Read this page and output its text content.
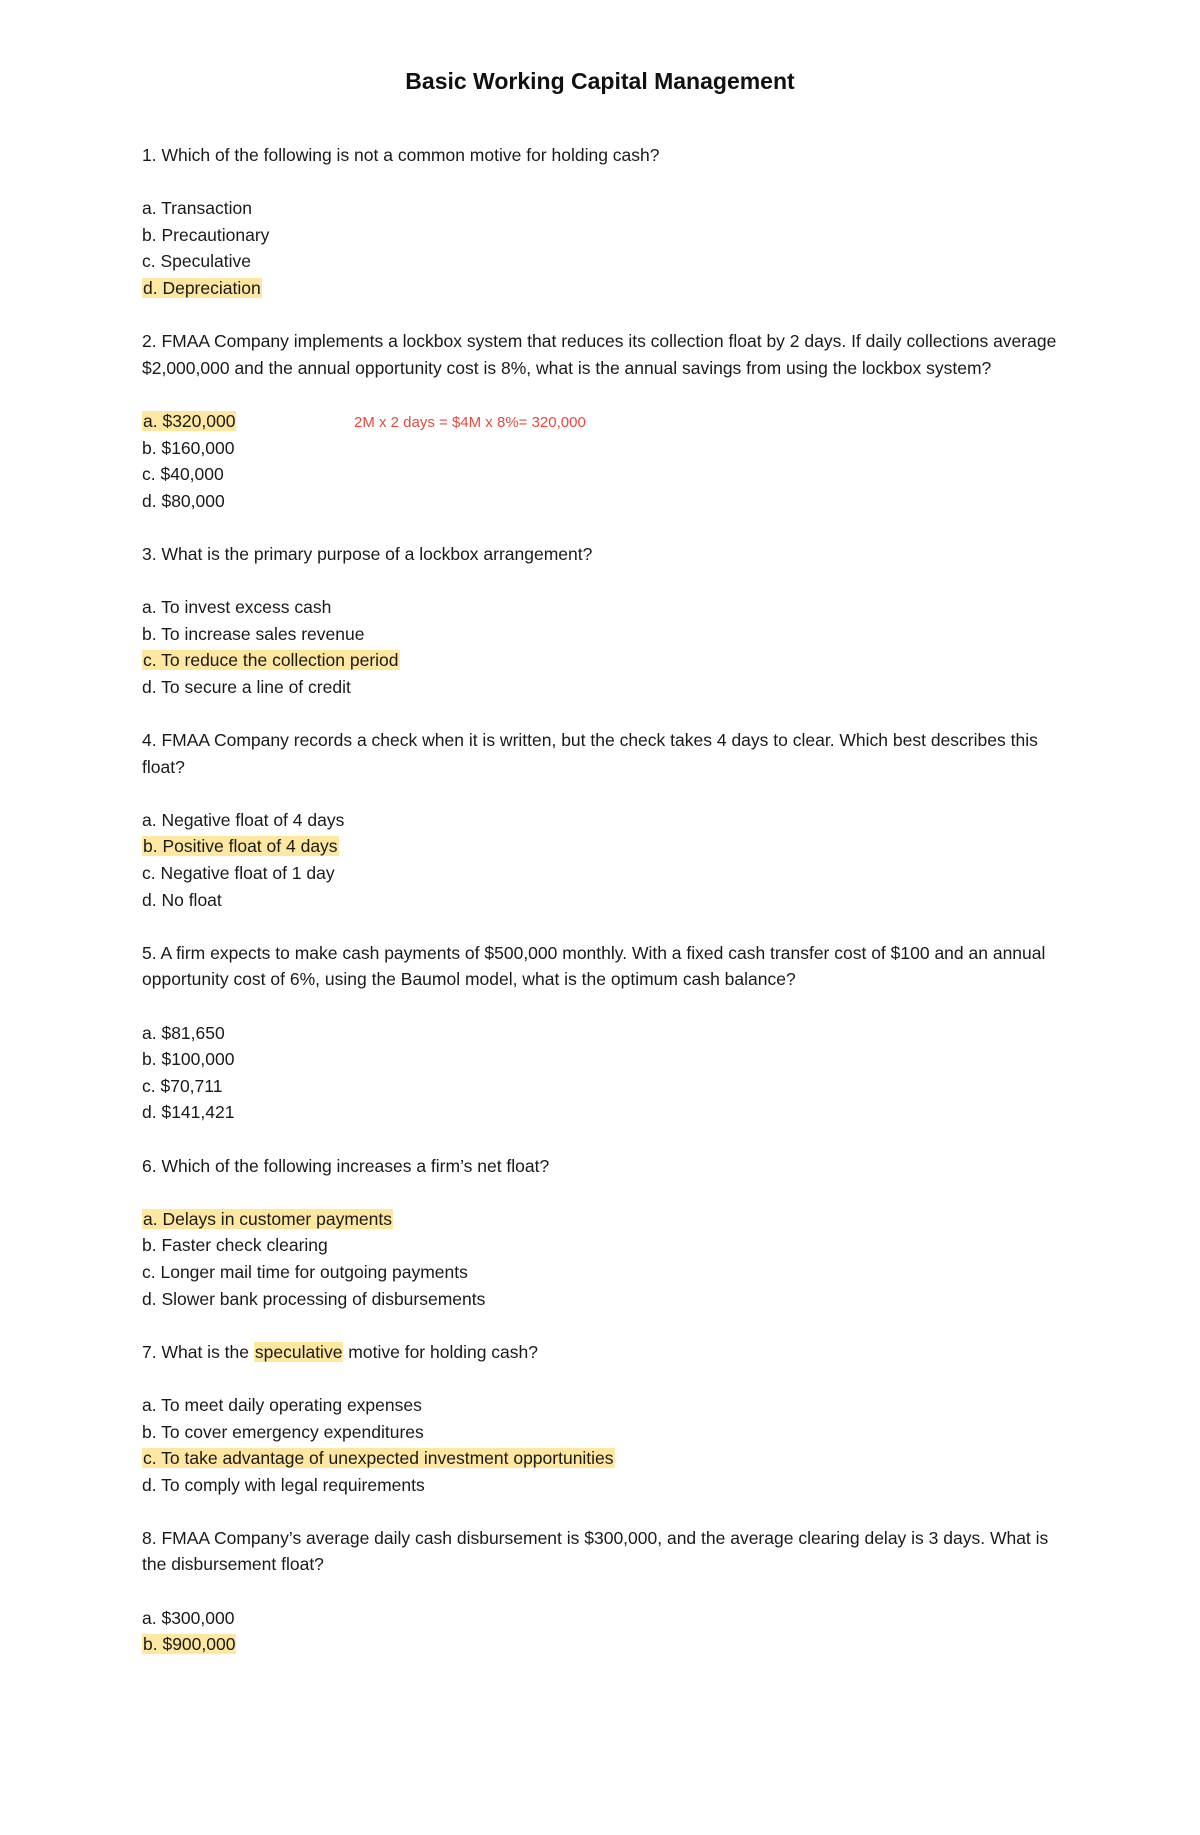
Basic Working Capital Management
1. Which of the following is not a common motive for holding cash?
a. Transaction
b. Precautionary
c. Speculative
d. Depreciation
2. FMAA Company implements a lockbox system that reduces its collection float by 2 days. If daily collections average $2,000,000 and the annual opportunity cost is 8%, what is the annual savings from using the lockbox system?
a. $320,000	2M x 2 days = $4M x 8%= 320,000
b. $160,000
c. $40,000
d. $80,000
3. What is the primary purpose of a lockbox arrangement?
a. To invest excess cash
b. To increase sales revenue
c. To reduce the collection period
d. To secure a line of credit
4. FMAA Company records a check when it is written, but the check takes 4 days to clear. Which best describes this float?
a. Negative float of 4 days
b. Positive float of 4 days
c. Negative float of 1 day
d. No float
5. A firm expects to make cash payments of $500,000 monthly. With a fixed cash transfer cost of $100 and an annual opportunity cost of 6%, using the Baumol model, what is the optimum cash balance?
a. $81,650
b. $100,000
c. $70,711
d. $141,421
6. Which of the following increases a firm’s net float?
a. Delays in customer payments
b. Faster check clearing
c. Longer mail time for outgoing payments
d. Slower bank processing of disbursements
7. What is the speculative motive for holding cash?
a. To meet daily operating expenses
b. To cover emergency expenditures
c. To take advantage of unexpected investment opportunities
d. To comply with legal requirements
8. FMAA Company’s average daily cash disbursement is $300,000, and the average clearing delay is 3 days. What is the disbursement float?
a. $300,000
b. $900,000
